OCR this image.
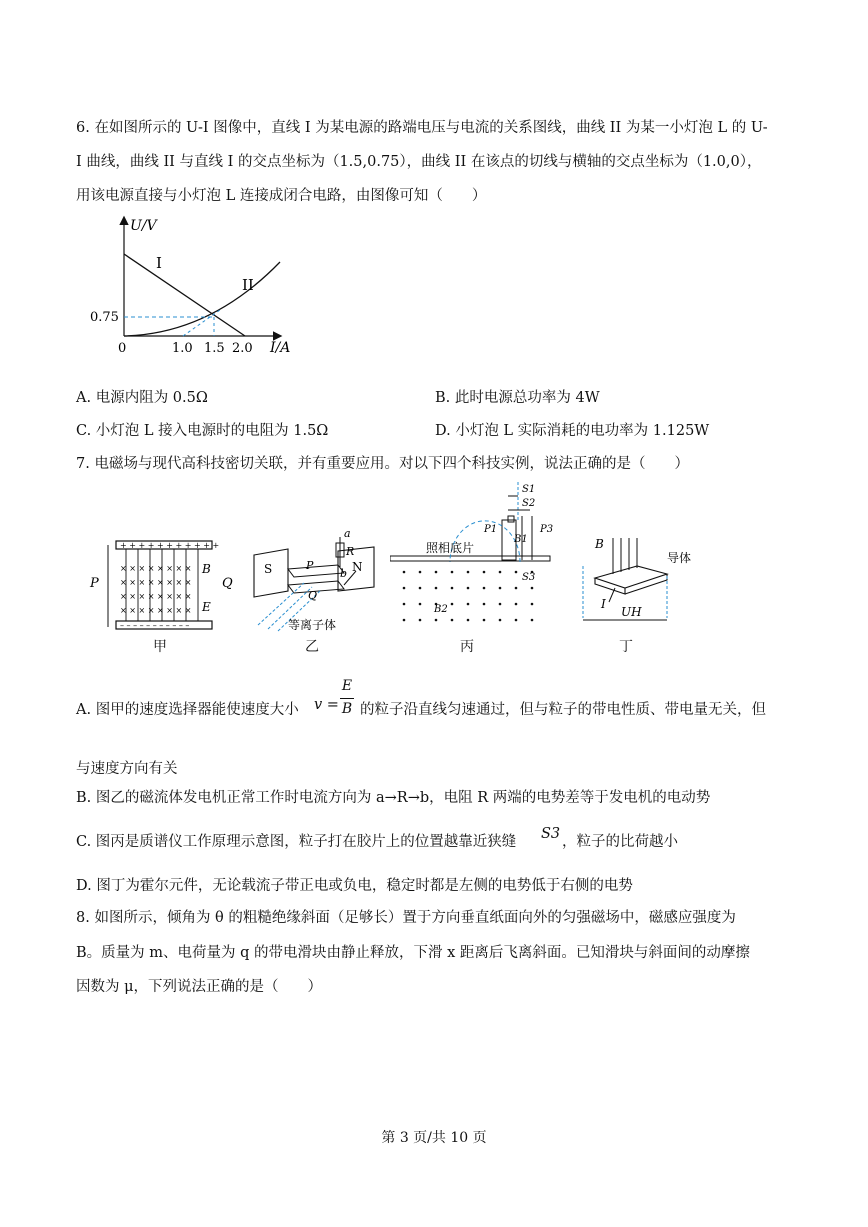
6. 在如图所示的 U-I 图像中，直线 I 为某电源的路端电压与电流的关系图线，曲线 II 为某一小灯泡 L 的 U-
I 曲线，曲线 II 与直线 I 的交点坐标为（1.5,0.75），曲线 II 在该点的切线与横轴的交点坐标为（1.0,0），
用该电源直接与小灯泡 L 连接成闭合电路，由图像可知（　　）
U/V
I/A
0
0.75
1.0 1.5 2.0
I
II
A. 电源内阻为 0.5Ω	B. 此时电源总功率为 4W
C. 小灯泡 L 接入电源时的电阻为 1.5Ω	D. 小灯泡 L 实际消耗的电功率为 1.125W
7. 电磁场与现代高科技密切关联，并有重要应用。对以下四个科技实例，说法正确的是（　　）
+ + + + + + + + + + +
– – – – – – – – – – –
× × × × × × × ×
× × × × × × × ×
× × × × × × × ×
× × × × × × × ×
P	Q
B
E
甲
S	N
P
Q
R
a
b
等离子体
乙
照相底片
S1
S2
S3
P1	P3
B1
B2
丙
B
I
UH
导体
丁
A. 图甲的速度选择器能使速度大小 v =
E
B 的粒子沿直线匀速通过，但与粒子的带电性质、带电量无关，但
与速度方向有关
B. 图乙的磁流体发电机正常工作时电流方向为 a→R→b，电阻 R 两端的电势差等于发电机的电动势
C. 图丙是质谱仪工作原理示意图，粒子打在胶片上的位置越靠近狭缝 S3 ，粒子的比荷越小
D. 图丁为霍尔元件，无论载流子带正电或负电，稳定时都是左侧的电势低于右侧的电势
8. 如图所示，倾角为 θ 的粗糙绝缘斜面（足够长）置于方向垂直纸面向外的匀强磁场中，磁感应强度为
B。质量为 m、电荷量为 q 的带电滑块由静止释放，下滑 x 距离后飞离斜面。已知滑块与斜面间的动摩擦
因数为 μ，下列说法正确的是（　　）
第 3 页/共 10 页
